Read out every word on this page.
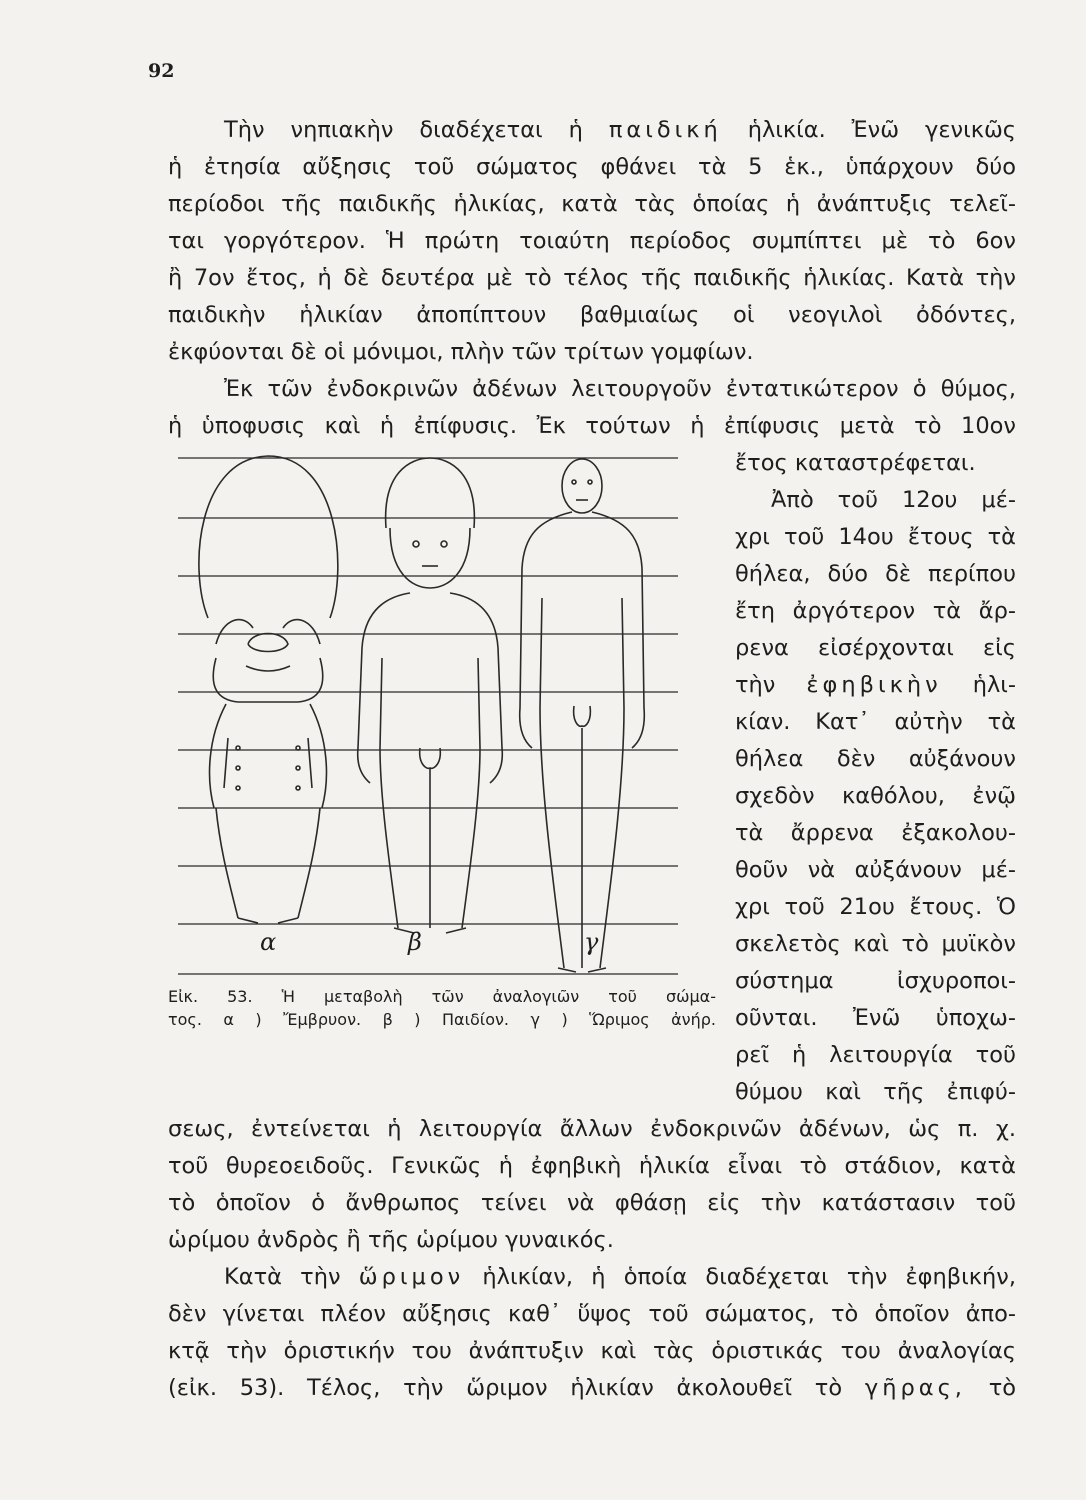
92
Τὴν νηπιακὴν διαδέχεται ἡ παιδική ἡλικία. Ἐνῶ γενικῶς
ἡ ἐτησία αὔξησις τοῦ σώματος φθάνει τὰ 5 ἑκ., ὑπάρχουν δύο
περίοδοι τῆς παιδικῆς ἡλικίας, κατὰ τὰς ὁποίας ἡ ἀνάπτυξις τελεῖ-
ται γοργότερον. Ἡ πρώτη τοιαύτη περίοδος συμπίπτει μὲ τὸ 6ον
ἢ 7ον ἔτος, ἡ δὲ δευτέρα μὲ τὸ τέλος τῆς παιδικῆς ἡλικίας. Κατὰ τὴν
παιδικὴν ἡλικίαν ἀποπίπτουν βαθμιαίως οἱ νεογιλοὶ ὀδόντες,
ἐκφύονται δὲ οἱ μόνιμοι, πλὴν τῶν τρίτων γομφίων.
Ἐκ τῶν ἐνδοκρινῶν ἀδένων λειτουργοῦν ἐντατικώτερον ὁ θύμος,
ἡ ὑποφυσις καὶ ἡ ἐπίφυσις. Ἐκ τούτων ἡ ἐπίφυσις μετὰ τὸ 10ον
ἔτος καταστρέφεται.
Ἀπὸ τοῦ 12ου μέ-
χρι τοῦ 14ου ἔτους τὰ
θήλεα, δύο δὲ περίπου
ἔτη ἀργότερον τὰ ἄρ-
ρενα εἰσέρχονται εἰς
τὴν ἐφηβικὴν ἡλι-
κίαν. Κατ᾽ αὐτὴν τὰ
θήλεα δὲν αὐξάνουν
σχεδὸν καθόλου, ἐνῷ
τὰ ἄρρενα ἐξακολου-
θοῦν νὰ αὐξάνουν μέ-
χρι τοῦ 21ου ἔτους. Ὁ
σκελετὸς καὶ τὸ μυϊκὸν
σύστημα ἰσχυροποι-
οῦνται. Ἐνῶ ὑποχω-
ρεῖ ἡ λειτουργία τοῦ
θύμου καὶ τῆς ἐπιφύ-
α	β	γ
Εἰκ. 53. Ἡ μεταβολὴ τῶν ἀναλογιῶν τοῦ σώμα-
τος. α ) Ἔμβρυον. β ) Παιδίον. γ ) Ὥριμος ἀνήρ.
σεως, ἐντείνεται ἡ λειτουργία ἄλλων ἐνδοκρινῶν ἀδένων, ὡς π. χ.
τοῦ θυρεοειδοῦς. Γενικῶς ἡ ἐφηβικὴ ἡλικία εἶναι τὸ στάδιον, κατὰ
τὸ ὁποῖον ὁ ἄνθρωπος τείνει νὰ φθάσῃ εἰς τὴν κατάστασιν τοῦ
ὡρίμου ἀνδρὸς ἢ τῆς ὡρίμου γυναικός.
Κατὰ τὴν ὥριμον ἡλικίαν, ἡ ὁποία διαδέχεται τὴν ἐφηβικήν,
δὲν γίνεται πλέον αὔξησις καθ᾽ ὕψος τοῦ σώματος, τὸ ὁποῖον ἀπο-
κτᾷ τὴν ὁριστικήν του ἀνάπτυξιν καὶ τὰς ὁριστικάς του ἀναλογίας
(εἰκ. 53). Τέλος, τὴν ὥριμον ἡλικίαν ἀκολουθεῖ τὸ γῆρας, τὸ
